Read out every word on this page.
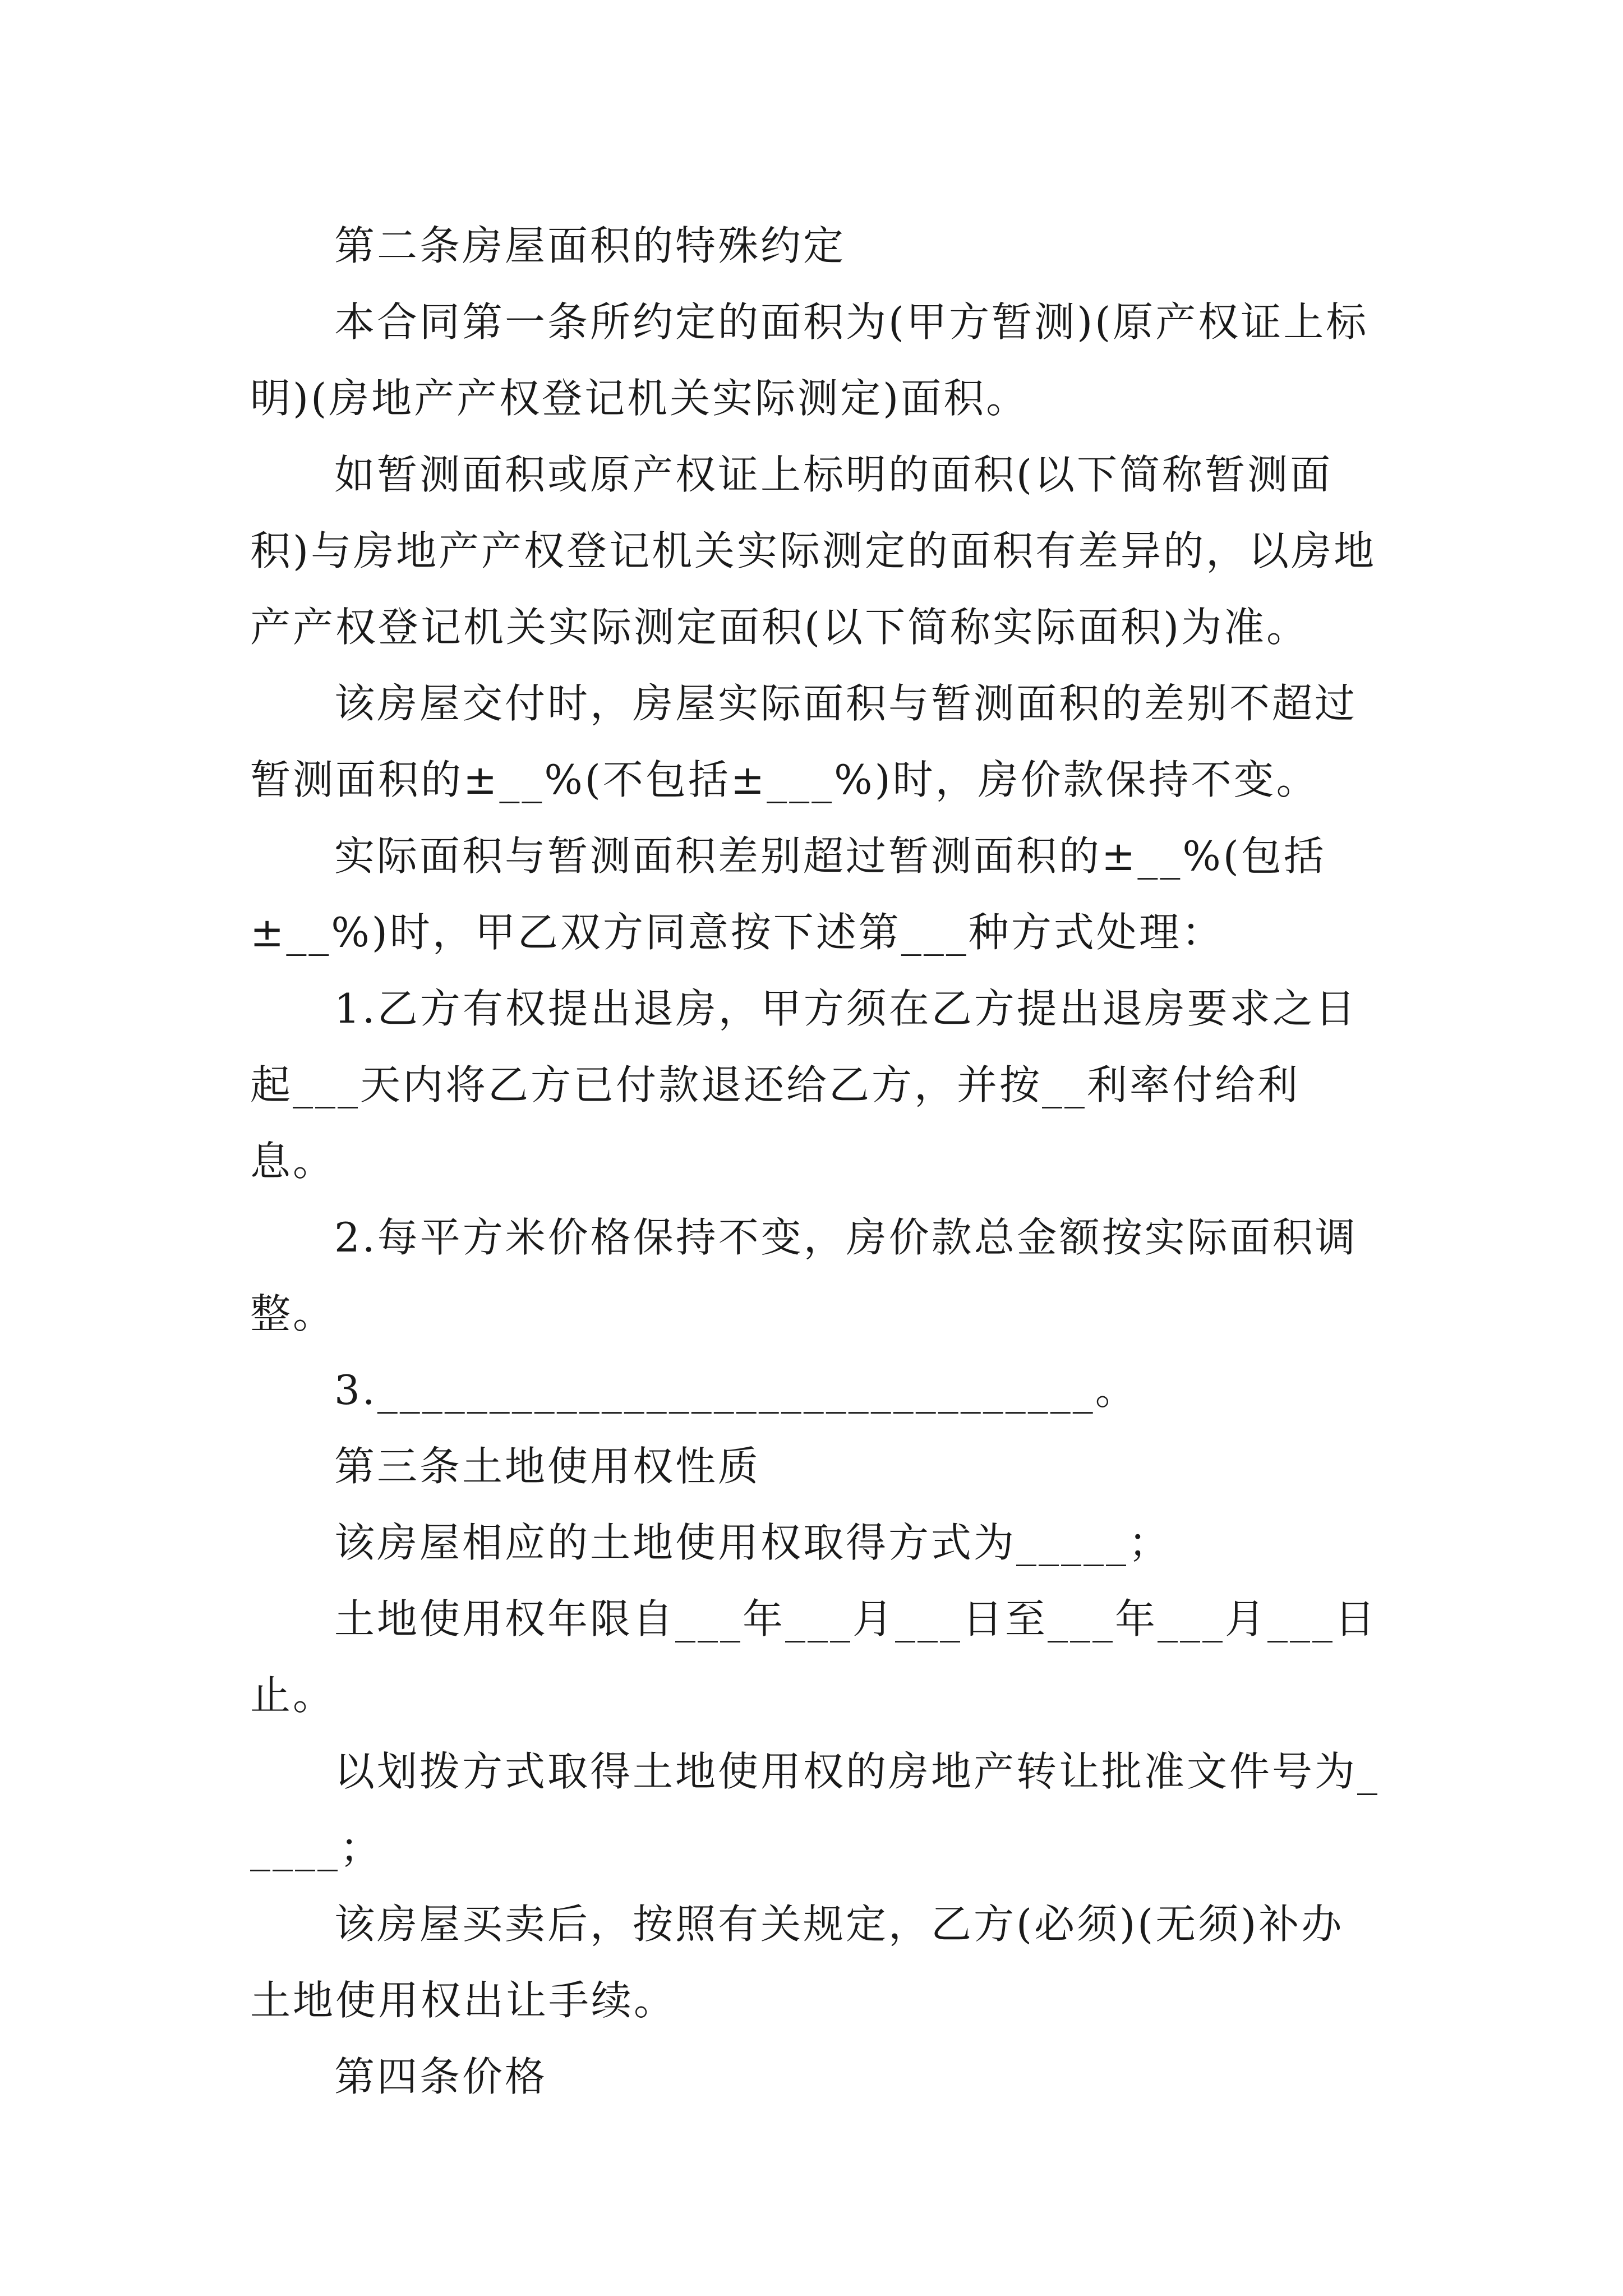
第二条房屋面积的特殊约定

本合同第一条所约定的面积为(甲方暂测)(原产权证上标明)(房地产产权登记机关实际测定)面积。

如暂测面积或原产权证上标明的面积(以下简称暂测面积)与房地产产权登记机关实际测定的面积有差异的，以房地产产权登记机关实际测定面积(以下简称实际面积)为准。

该房屋交付时，房屋实际面积与暂测面积的差别不超过暂测面积的±__%(不包括±___%)时，房价款保持不变。

实际面积与暂测面积差别超过暂测面积的±__%(包括±__%)时，甲乙双方同意按下述第___种方式处理：

1.乙方有权提出退房，甲方须在乙方提出退房要求之日起___天内将乙方已付款退还给乙方，并按__利率付给利息。

2.每平方米价格保持不变，房价款总金额按实际面积调整。

3.________________________________。

第三条土地使用权性质

该房屋相应的土地使用权取得方式为_____；

土地使用权年限自___年___月___日至___年___月___日止。

以划拨方式取得土地使用权的房地产转让批准文件号为_____；

该房屋买卖后，按照有关规定，乙方(必须)(无须)补办土地使用权出让手续。

第四条价格
